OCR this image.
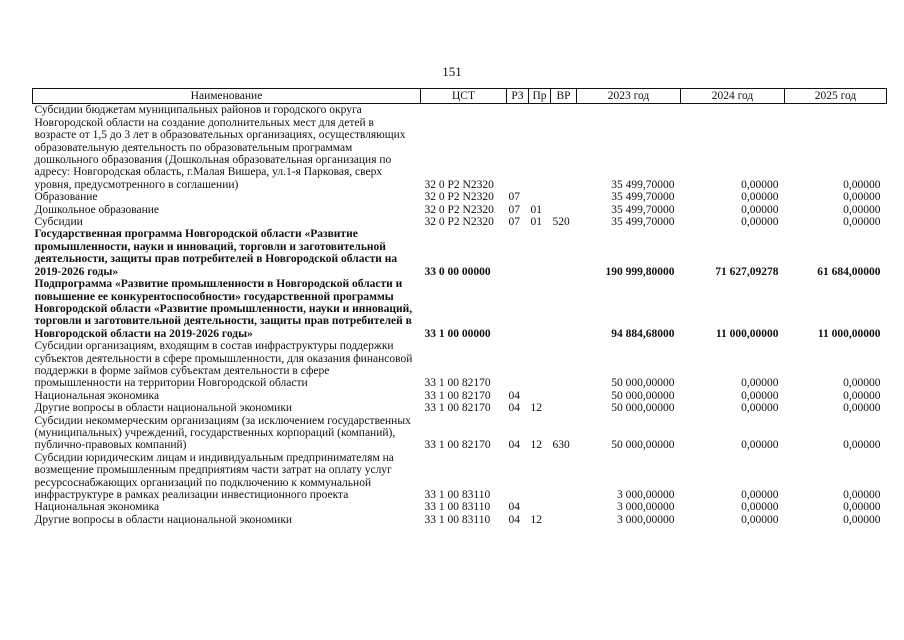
151
Наименование	ЦСТ	РЗ	Пр	ВР	2023 год	2024 год	2025 год
Субсидии бюджетам муниципальных районов и городского округа Новгородской области на создание дополнительных мест для детей в возрасте от 1,5 до 3 лет в образовательных организациях, осуществляющих образовательную деятельность по образовательным программам дошкольного образования (Дошкольная образовательная организация по адресу: Новгородская область, г.Малая Вишера, ул.1-я Парковая, сверх уровня, предусмотренного в соглашении)	32 0 P2 N2320				35 499,70000	0,00000	0,00000
Образование	32 0 P2 N2320	07			35 499,70000	0,00000	0,00000
Дошкольное образование	32 0 P2 N2320	07	01		35 499,70000	0,00000	0,00000
Субсидии	32 0 P2 N2320	07	01	520	35 499,70000	0,00000	0,00000
Государственная программа Новгородской области «Развитие промышленности, науки и инноваций, торговли и заготовительной деятельности, защиты прав потребителей в Новгородской области на 2019-2026 годы»	33 0 00 00000				190 999,80000	71 627,09278	61 684,00000
Подпрограмма «Развитие промышленности в Новгородской области и повышение ее конкурентоспособности» государственной программы Новгородской области «Развитие промышленности, науки и инноваций, торговли и заготовительной деятельности, защиты прав потребителей в Новгородской области на 2019-2026 годы»	33 1 00 00000				94 884,68000	11 000,00000	11 000,00000
Субсидии организациям, входящим в состав инфраструктуры поддержки субъектов деятельности в сфере промышленности, для оказания финансовой поддержки в форме займов субъектам деятельности в сфере промышленности на территории Новгородской области	33 1 00 82170				50 000,00000	0,00000	0,00000
Национальная экономика	33 1 00 82170	04			50 000,00000	0,00000	0,00000
Другие вопросы в области национальной экономики	33 1 00 82170	04	12		50 000,00000	0,00000	0,00000
Субсидии некоммерческим организациям (за исключением государственных (муниципальных) учреждений, государственных корпораций (компаний), публично-правовых компаний)	33 1 00 82170	04	12	630	50 000,00000	0,00000	0,00000
Субсидии юридическим лицам и индивидуальным предпринимателям на возмещение промышленным предприятиям части затрат на оплату услуг ресурсоснабжающих организаций по подключению к коммунальной инфраструктуре в рамках реализации инвестиционного проекта	33 1 00 83110				3 000,00000	0,00000	0,00000
Национальная экономика	33 1 00 83110	04			3 000,00000	0,00000	0,00000
Другие вопросы в области национальной экономики	33 1 00 83110	04	12		3 000,00000	0,00000	0,00000
